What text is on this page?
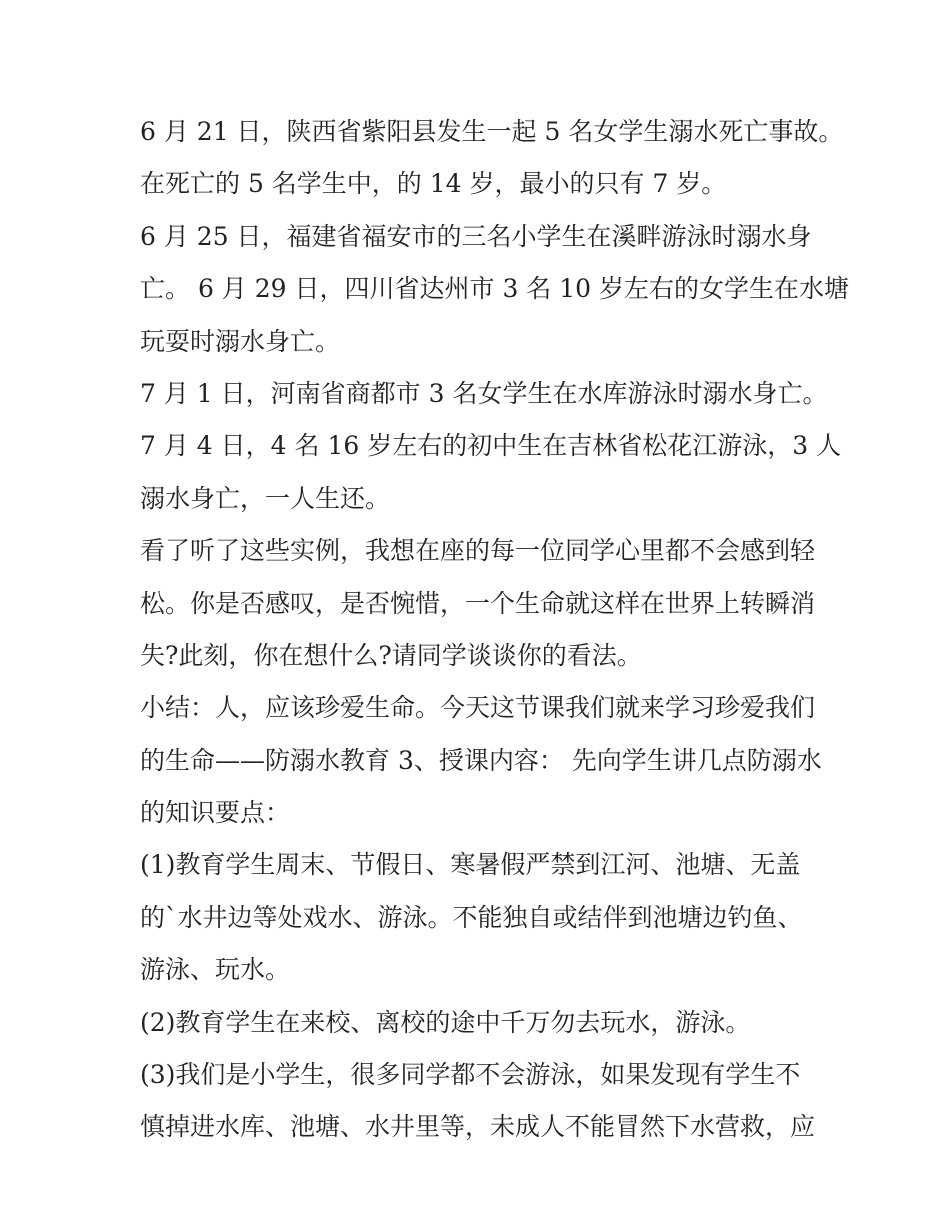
6 月 21 日，陕西省紫阳县发生一起 5 名女学生溺水死亡事故。
在死亡的 5 名学生中，的 14 岁，最小的只有 7 岁。
6 月 25 日，福建省福安市的三名小学生在溪畔游泳时溺水身
亡。 6 月 29 日，四川省达州市 3 名 10 岁左右的女学生在水塘
玩耍时溺水身亡。
7 月 1 日，河南省商都市 3 名女学生在水库游泳时溺水身亡。
7 月 4 日，4 名 16 岁左右的初中生在吉林省松花江游泳，3 人
溺水身亡，一人生还。
看了听了这些实例，我想在座的每一位同学心里都不会感到轻
松。你是否感叹，是否惋惜，一个生命就这样在世界上转瞬消
失?此刻，你在想什么?请同学谈谈你的看法。
小结：人，应该珍爱生命。今天这节课我们就来学习珍爱我们
的生命——防溺水教育 3、授课内容： 先向学生讲几点防溺水
的知识要点：
(1)教育学生周末、节假日、寒暑假严禁到江河、池塘、无盖
的`水井边等处戏水、游泳。不能独自或结伴到池塘边钓鱼、
游泳、玩水。
(2)教育学生在来校、离校的途中千万勿去玩水，游泳。
(3)我们是小学生，很多同学都不会游泳，如果发现有学生不
慎掉进水库、池塘、水井里等，未成人不能冒然下水营救，应
